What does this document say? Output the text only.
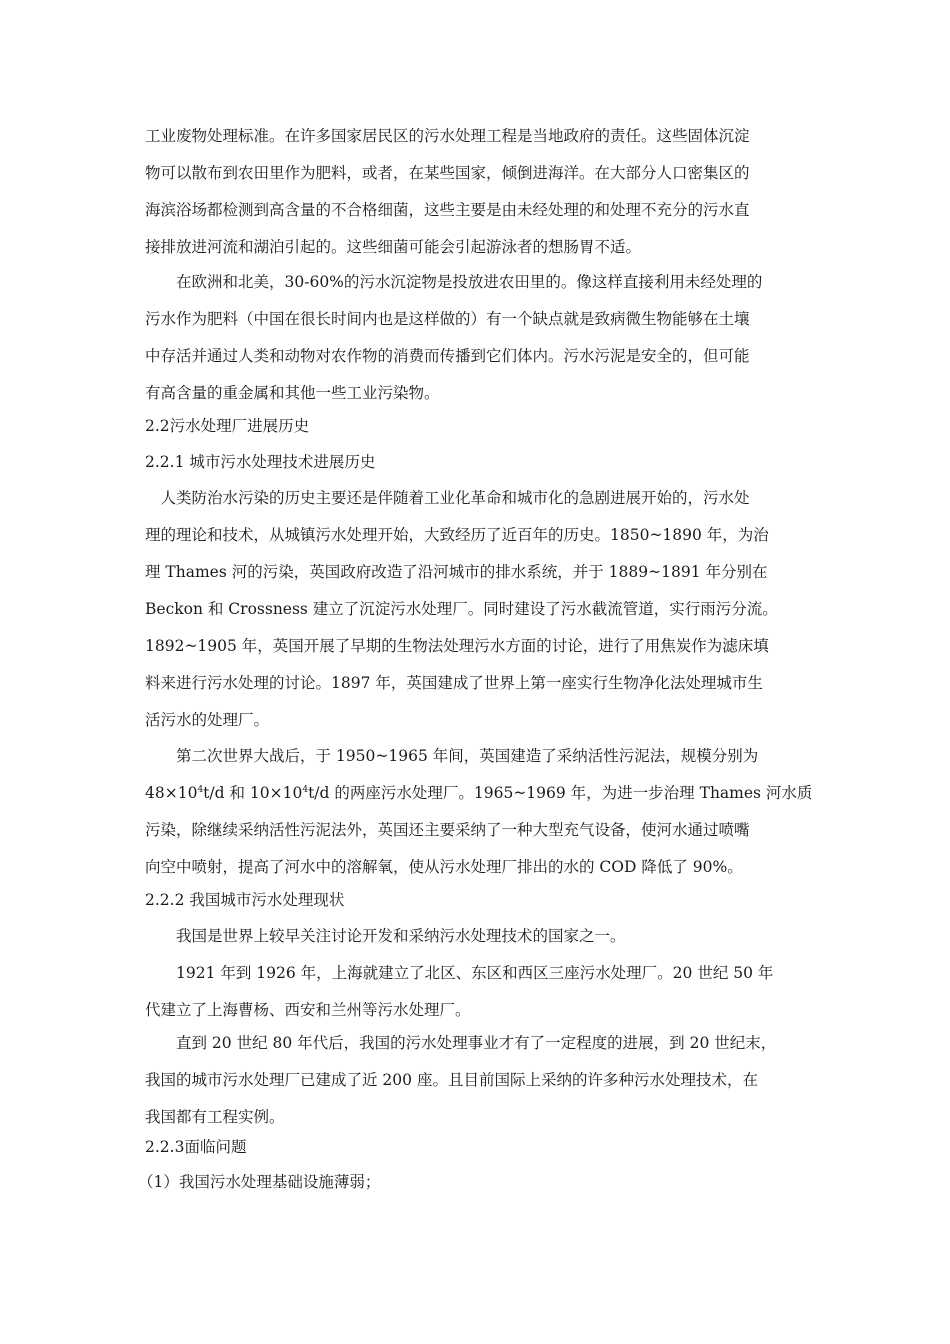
工业废物处理标准。在许多国家居民区的污水处理工程是当地政府的责任。这些固体沉淀
物可以散布到农田里作为肥料，或者，在某些国家，倾倒进海洋。在大部分人口密集区的
海滨浴场都检测到高含量的不合格细菌，这些主要是由未经处理的和处理不充分的污水直
接排放进河流和湖泊引起的。这些细菌可能会引起游泳者的想肠胃不适。
　　在欧洲和北美，30-60%的污水沉淀物是投放进农田里的。像这样直接利用未经处理的
污水作为肥料（中国在很长时间内也是这样做的）有一个缺点就是致病微生物能够在土壤
中存活并通过人类和动物对农作物的消费而传播到它们体内。污水污泥是安全的，但可能
有高含量的重金属和其他一些工业污染物。
2.2污水处理厂进展历史
2.2.1 城市污水处理技术进展历史
　人类防治水污染的历史主要还是伴随着工业化革命和城市化的急剧进展开始的，污水处
理的理论和技术，从城镇污水处理开始，大致经历了近百年的历史。1850~1890 年，为治
理 Thames 河的污染，英国政府改造了沿河城市的排水系统，并于 1889~1891 年分别在
Beckon 和 Crossness 建立了沉淀污水处理厂。同时建设了污水截流管道，实行雨污分流。
1892~1905 年，英国开展了早期的生物法处理污水方面的讨论，进行了用焦炭作为滤床填
料来进行污水处理的讨论。1897 年，英国建成了世界上第一座实行生物净化法处理城市生
活污水的处理厂。
　　第二次世界大战后，于 1950~1965 年间，英国建造了采纳活性污泥法，规模分别为
$48\times 10^4t/d$ 和 $10\times 10^4t/d$ 的两座污水处理厂。1965~1969 年，为进一步治理 Thames 河水质
污染，除继续采纳活性污泥法外，英国还主要采纳了一种大型充气设备，使河水通过喷嘴
向空中喷射，提高了河水中的溶解氧，使从污水处理厂排出的水的 COD 降低了 90%。
2.2.2 我国城市污水处理现状
　　我国是世界上较早关注讨论开发和采纳污水处理技术的国家之一。
　　1921 年到 1926 年，上海就建立了北区、东区和西区三座污水处理厂。20 世纪 50 年
代建立了上海曹杨、西安和兰州等污水处理厂。
　　直到 20 世纪 80 年代后，我国的污水处理事业才有了一定程度的进展，到 20 世纪末，
我国的城市污水处理厂已建成了近 200 座。且目前国际上采纳的许多种污水处理技术，在
我国都有工程实例。
2.2.3面临问题
（1）我国污水处理基础设施薄弱；
